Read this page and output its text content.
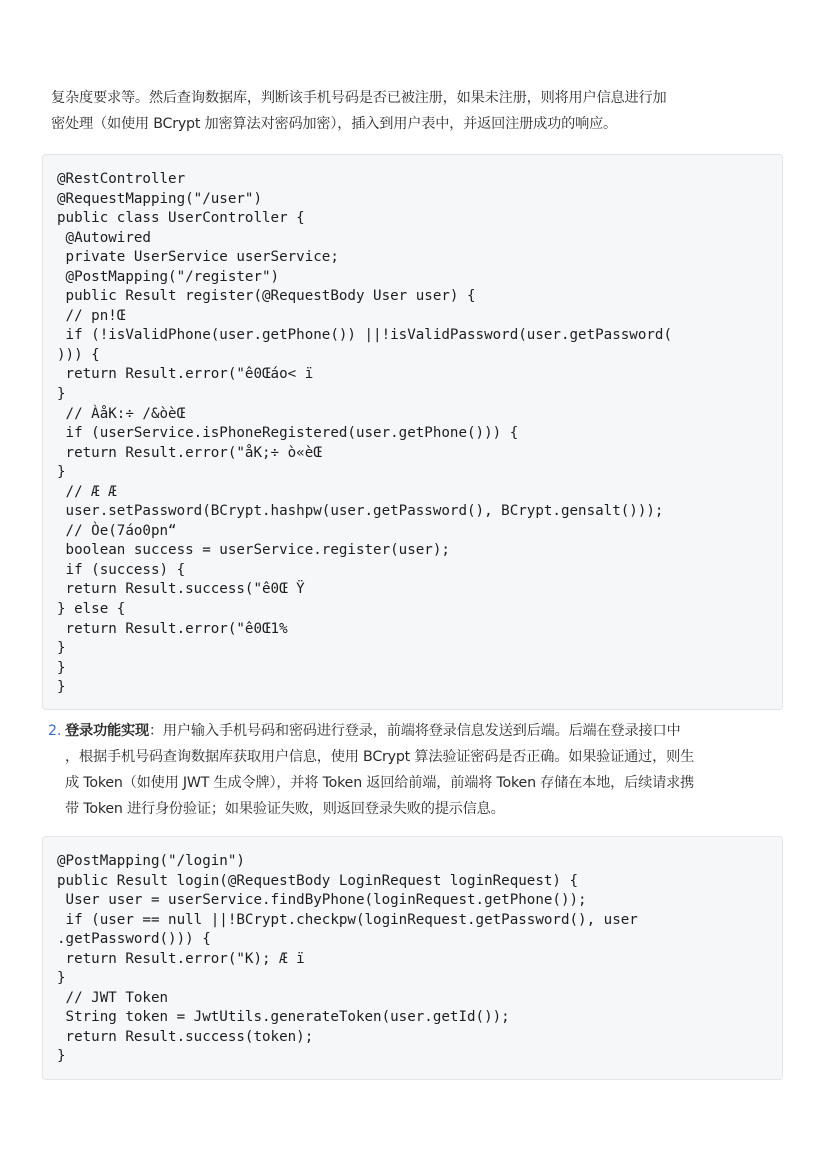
复杂度要求等。然后查询数据库，判断该手机号码是否已被注册，如果未注册，则将用户信息进行加
密处理（如使用 BCrypt 加密算法对密码加密），插入到用户表中，并返回注册成功的响应。
@RestController
@RequestMapping("/user")
public class UserController {
@Autowired
private UserService userService;
@PostMapping("/register")
public Result register(@RequestBody User user) {
// pn!Œ
if (!isValidPhone(user.getPhone()) ||!isValidPassword(user.getPassword(
))) {
return Result.error("ê0Œáo< ï
}
// ÀåK:÷ /&òèŒ
if (userService.isPhoneRegistered(user.getPhone())) {
return Result.error("åK;÷ ò«èŒ
}
// Æ Æ
user.setPassword(BCrypt.hashpw(user.getPassword(), BCrypt.gensalt()));
// Òe(7áo0pn“
boolean success = userService.register(user);
if (success) {
return Result.success("ê0Œ Ÿ
} else {
return Result.error("ê0Œ1%
}
}
}
2. 登录功能实现：用户输入手机号码和密码进行登录，前端将登录信息发送到后端。后端在登录接口中
，根据手机号码查询数据库获取用户信息，使用 BCrypt 算法验证密码是否正确。如果验证通过，则生
成 Token（如使用 JWT 生成令牌），并将 Token 返回给前端，前端将 Token 存储在本地，后续请求携
带 Token 进行身份验证；如果验证失败，则返回登录失败的提示信息。
@PostMapping("/login")
public Result login(@RequestBody LoginRequest loginRequest) {
User user = userService.findByPhone(loginRequest.getPhone());
if (user == null ||!BCrypt.checkpw(loginRequest.getPassword(), user
.getPassword())) {
return Result.error("K); Æ ï
}
// JWT Token
String token = JwtUtils.generateToken(user.getId());
return Result.success(token);
}
